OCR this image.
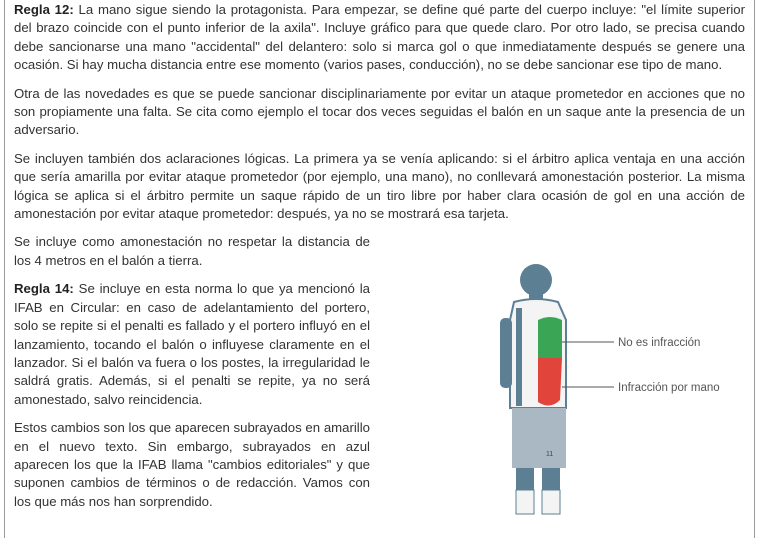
Regla 12: La mano sigue siendo la protagonista. Para empezar, se define qué parte del cuerpo incluye: "el límite superior del brazo coincide con el punto inferior de la axila". Incluye gráfico para que quede claro. Por otro lado, se precisa cuando debe sancionarse una mano "accidental" del delantero: solo si marca gol o que inmediatamente después se genere una ocasión. Si hay mucha distancia entre ese momento (varios pases, conducción), no se debe sancionar ese tipo de mano.

Otra de las novedades es que se puede sancionar disciplinariamente por evitar un ataque prometedor en acciones que no son propiamente una falta. Se cita como ejemplo el tocar dos veces seguidas el balón en un saque ante la presencia de un adversario.

Se incluyen también dos aclaraciones lógicas. La primera ya se venía aplicando: si el árbitro aplica ventaja en una acción que sería amarilla por evitar ataque prometedor (por ejemplo, una mano), no conllevará amonestación posterior. La misma lógica se aplica si el árbitro permite un saque rápido de un tiro libre por haber clara ocasión de gol en una acción de amonestación por evitar ataque prometedor: después, ya no se mostrará esa tarjeta.

Se incluye como amonestación no respetar la distancia de los 4 metros en el balón a tierra.

Regla 14: Se incluye en esta norma lo que ya mencionó la IFAB en Circular: en caso de adelantamiento del portero, solo se repite si el penalti es fallado y el portero influyó en el lanzamiento, tocando el balón o influyese claramente en el lanzador. Si el balón va fuera o los postes, la irregularidad le saldrá gratis. Además, si el penalti se repite, ya no será amonestado, salvo reincidencia.

Estos cambios son los que aparecen subrayados en amarillo en el nuevo texto. Sin embargo, subrayados en azul aparecen los que la IFAB llama "cambios editoriales" y que suponen cambios de términos o de redacción. Vamos con los que más nos han sorprendido.

11
No es infracción
Infracción por mano
